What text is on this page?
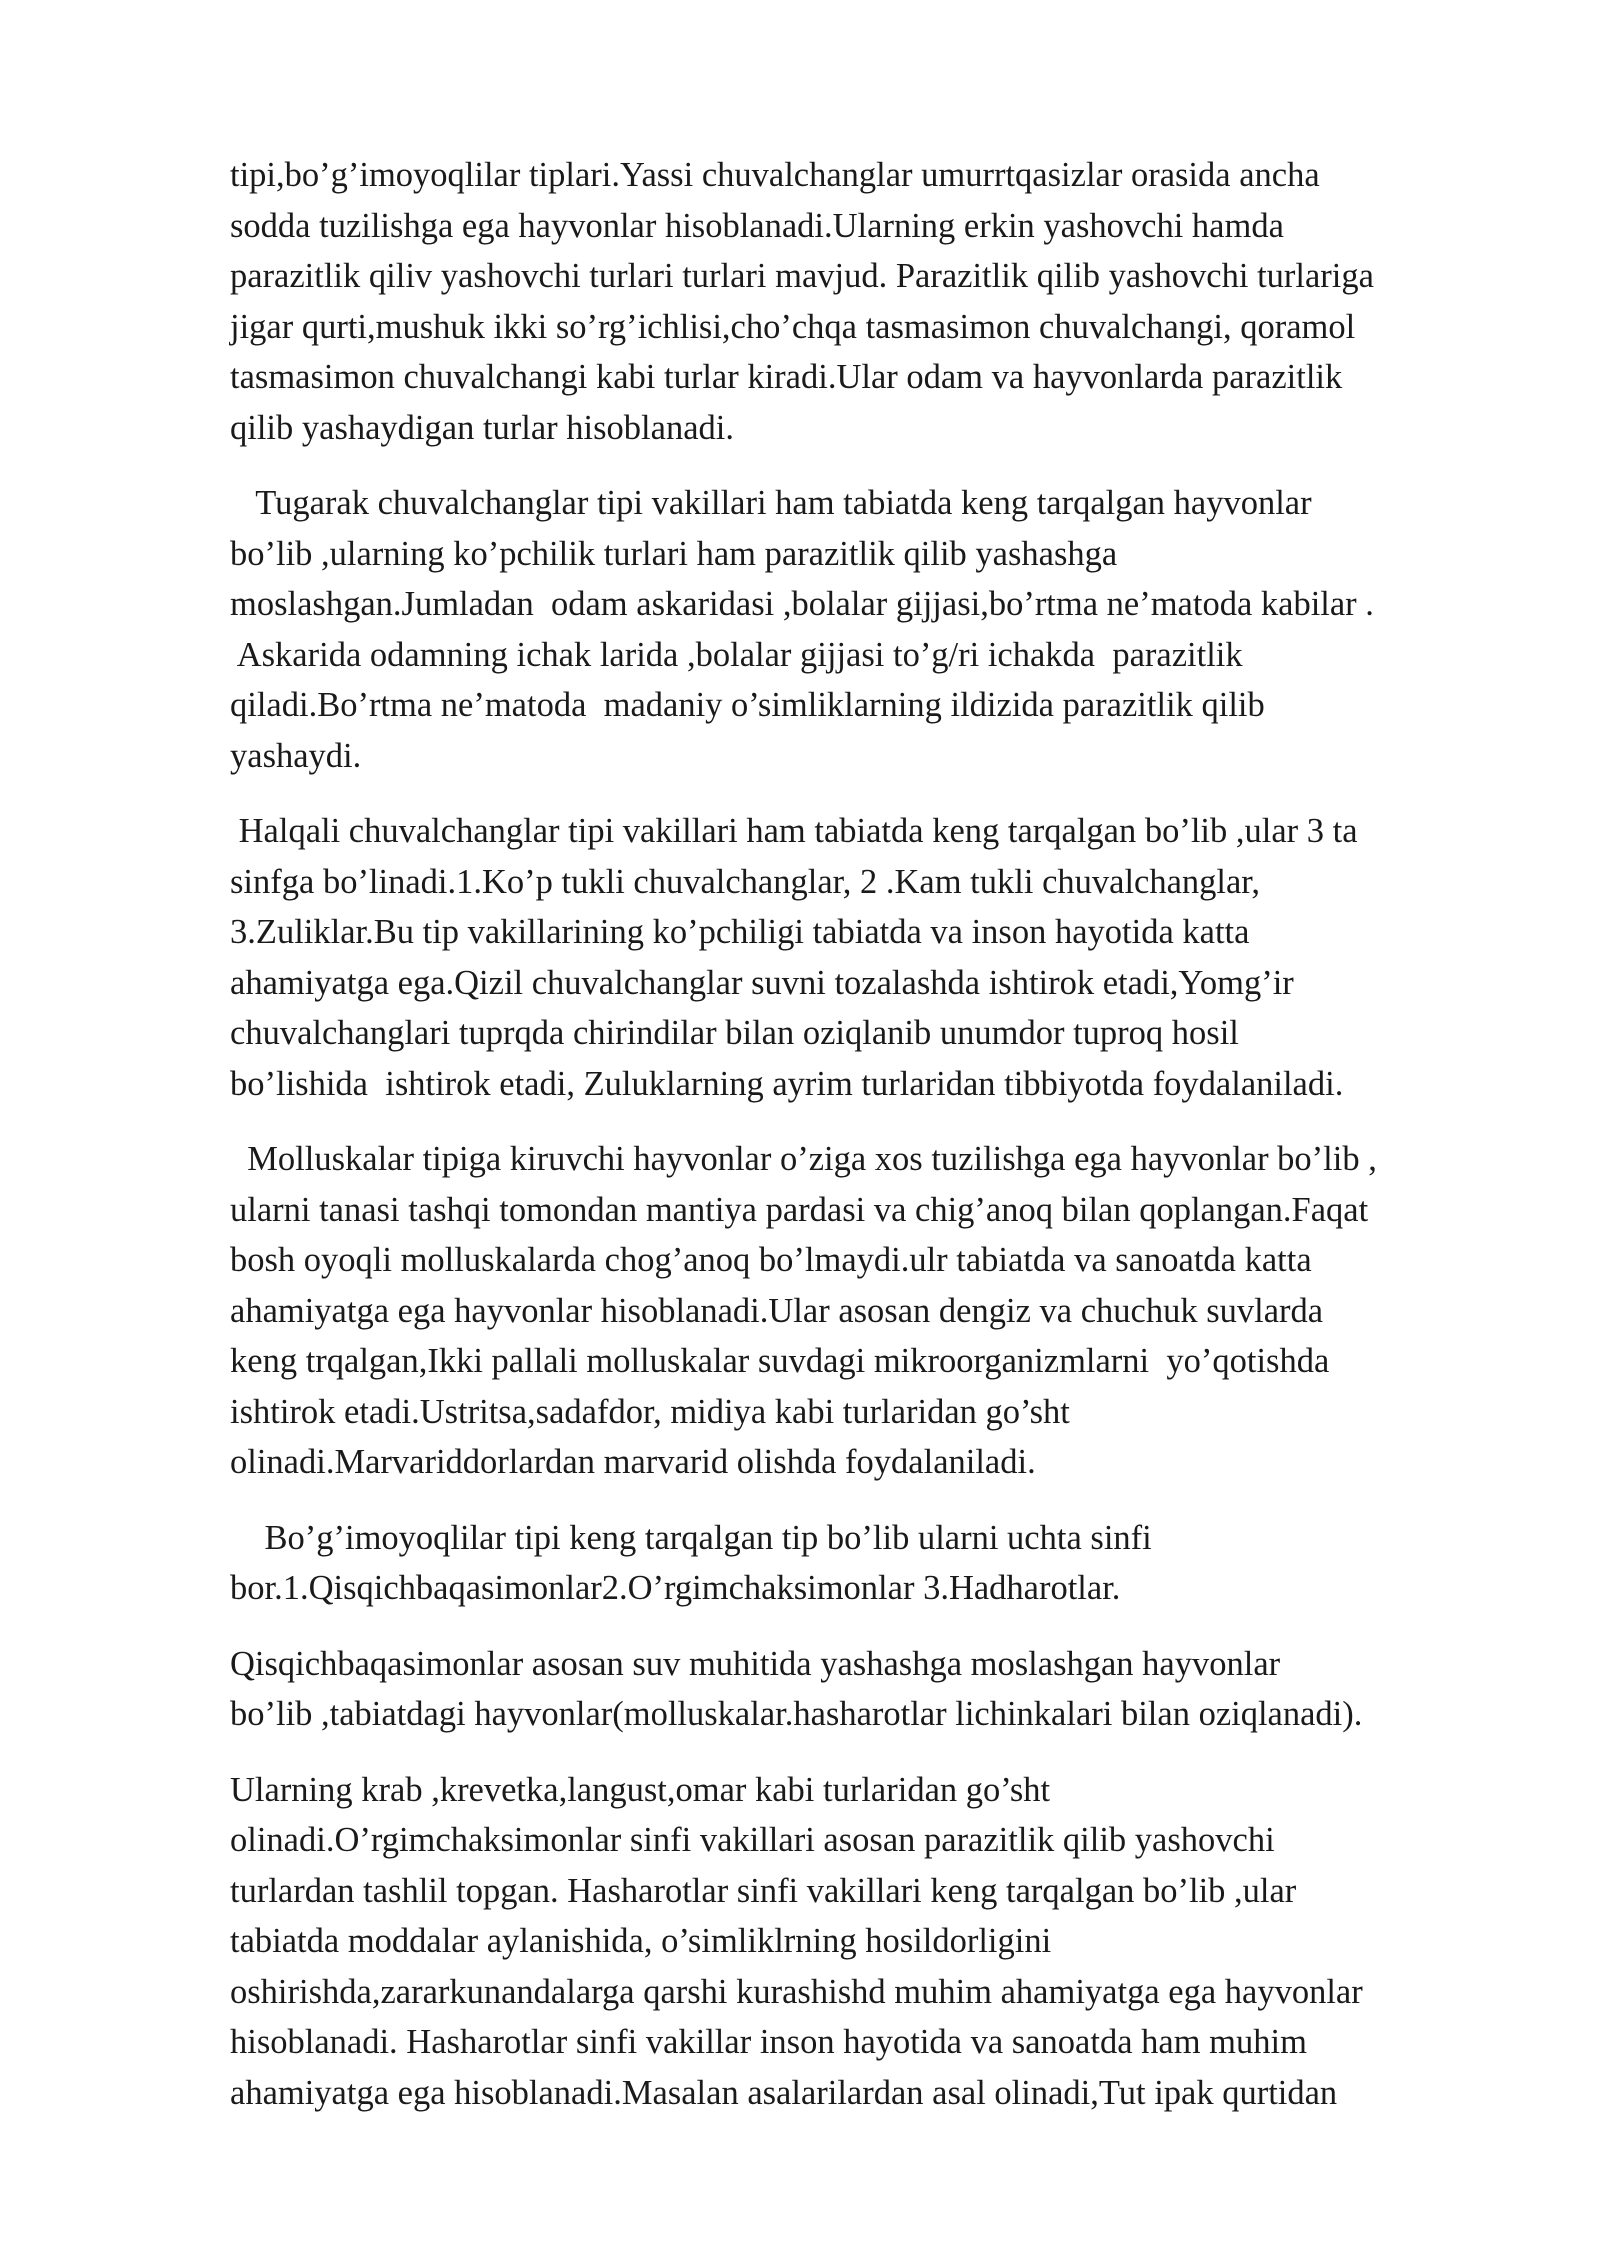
tipi,bo’g’imoyoqlilar tiplari.Yassi chuvalchanglar umurrtqasizlar orasida ancha
sodda tuzilishga ega hayvonlar hisoblanadi.Ularning erkin yashovchi hamda
parazitlik qiliv yashovchi turlari turlari mavjud. Parazitlik qilib yashovchi turlariga
jigar qurti,mushuk ikki so’rg’ichlisi,cho’chqa tasmasimon chuvalchangi, qoramol
tasmasimon chuvalchangi kabi turlar kiradi.Ular odam va hayvonlarda parazitlik
qilib yashaydigan turlar hisoblanadi.

Tugarak chuvalchanglar tipi vakillari ham tabiatda keng tarqalgan hayvonlar
bo’lib ,ularning ko’pchilik turlari ham parazitlik qilib yashashga
moslashgan.Jumladan  odam askaridasi ,bolalar gijjasi,bo’rtma ne’matoda kabilar .
Askarida odamning ichak larida ,bolalar gijjasi to’g/ri ichakda  parazitlik
qiladi.Bo’rtma ne’matoda  madaniy o’simliklarning ildizida parazitlik qilib
yashaydi.

Halqali chuvalchanglar tipi vakillari ham tabiatda keng tarqalgan bo’lib ,ular 3 ta
sinfga bo’linadi.1.Ko’p tukli chuvalchanglar, 2 .Kam tukli chuvalchanglar,
3.Zuliklar.Bu tip vakillarining ko’pchiligi tabiatda va inson hayotida katta
ahamiyatga ega.Qizil chuvalchanglar suvni tozalashda ishtirok etadi,Yomg’ir
chuvalchanglari tuprqda chirindilar bilan oziqlanib unumdor tuproq hosil
bo’lishida  ishtirok etadi, Zuluklarning ayrim turlaridan tibbiyotda foydalaniladi.

Molluskalar tipiga kiruvchi hayvonlar o’ziga xos tuzilishga ega hayvonlar bo’lib ,
ularni tanasi tashqi tomondan mantiya pardasi va chig’anoq bilan qoplangan.Faqat
bosh oyoqli molluskalarda chog’anoq bo’lmaydi.ulr tabiatda va sanoatda katta
ahamiyatga ega hayvonlar hisoblanadi.Ular asosan dengiz va chuchuk suvlarda
keng trqalgan,Ikki pallali molluskalar suvdagi mikroorganizmlarni  yo’qotishda
ishtirok etadi.Ustritsa,sadafdor, midiya kabi turlaridan go’sht
olinadi.Marvariddorlardan marvarid olishda foydalaniladi.

Bo’g’imoyoqlilar tipi keng tarqalgan tip bo’lib ularni uchta sinfi
bor.1.Qisqichbaqasimonlar2.O’rgimchaksimonlar 3.Hadharotlar.

Qisqichbaqasimonlar asosan suv muhitida yashashga moslashgan hayvonlar
bo’lib ,tabiatdagi hayvonlar(molluskalar.hasharotlar lichinkalari bilan oziqlanadi).

Ularning krab ,krevetka,langust,omar kabi turlaridan go’sht
olinadi.O’rgimchaksimonlar sinfi vakillari asosan parazitlik qilib yashovchi
turlardan tashlil topgan. Hasharotlar sinfi vakillari keng tarqalgan bo’lib ,ular
tabiatda moddalar aylanishida, o’simliklrning hosildorligini
oshirishda,zararkunandalarga qarshi kurashishd muhim ahamiyatga ega hayvonlar
hisoblanadi. Hasharotlar sinfi vakillar inson hayotida va sanoatda ham muhim
ahamiyatga ega hisoblanadi.Masalan asalarilardan asal olinadi,Tut ipak qurtidan
